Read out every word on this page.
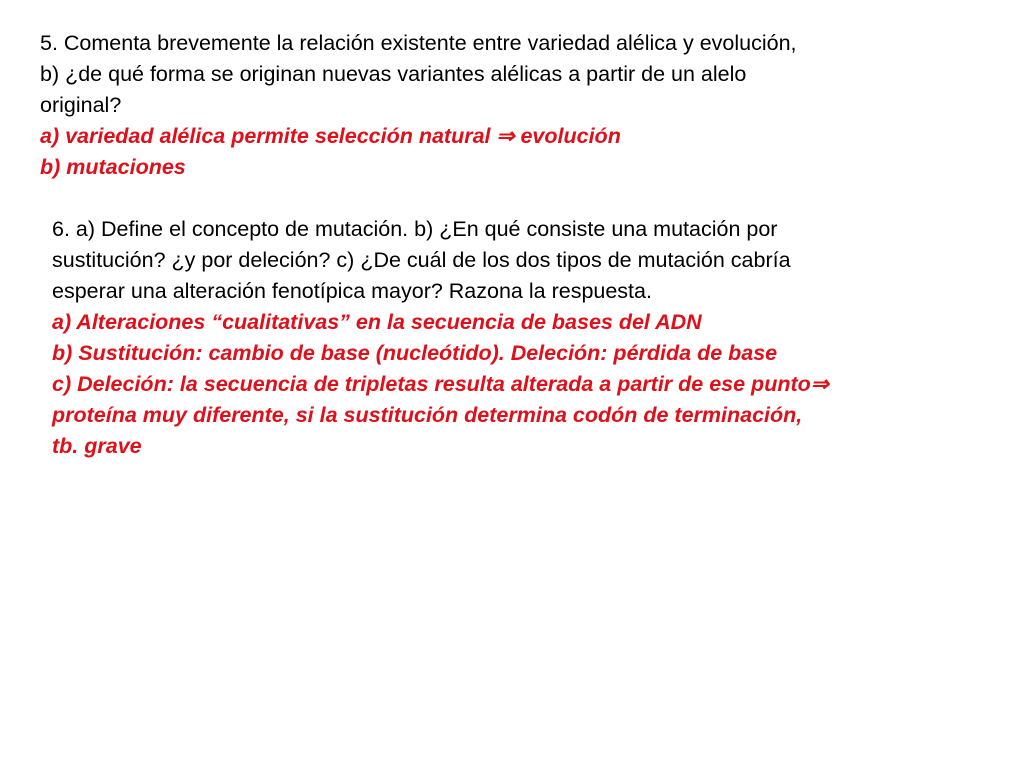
5. Comenta brevemente la relación existente entre variedad alélica y evolución,
b) ¿de qué forma se originan nuevas variantes alélicas a partir de un alelo
original?
a) variedad alélica permite selección natural ⇒ evolución
b) mutaciones
6. a) Define el concepto de mutación. b) ¿En qué consiste una mutación por
sustitución? ¿y por deleción? c) ¿De cuál de los dos tipos de mutación cabría
esperar una alteración fenotípica mayor? Razona la respuesta.
a) Alteraciones “cualitativas” en la secuencia de bases del ADN
b) Sustitución: cambio de base (nucleótido). Deleción: pérdida de base
c) Deleción: la secuencia de tripletas resulta alterada a partir de ese punto⇒
proteína muy diferente, si la sustitución determina codón de terminación,
tb. grave
